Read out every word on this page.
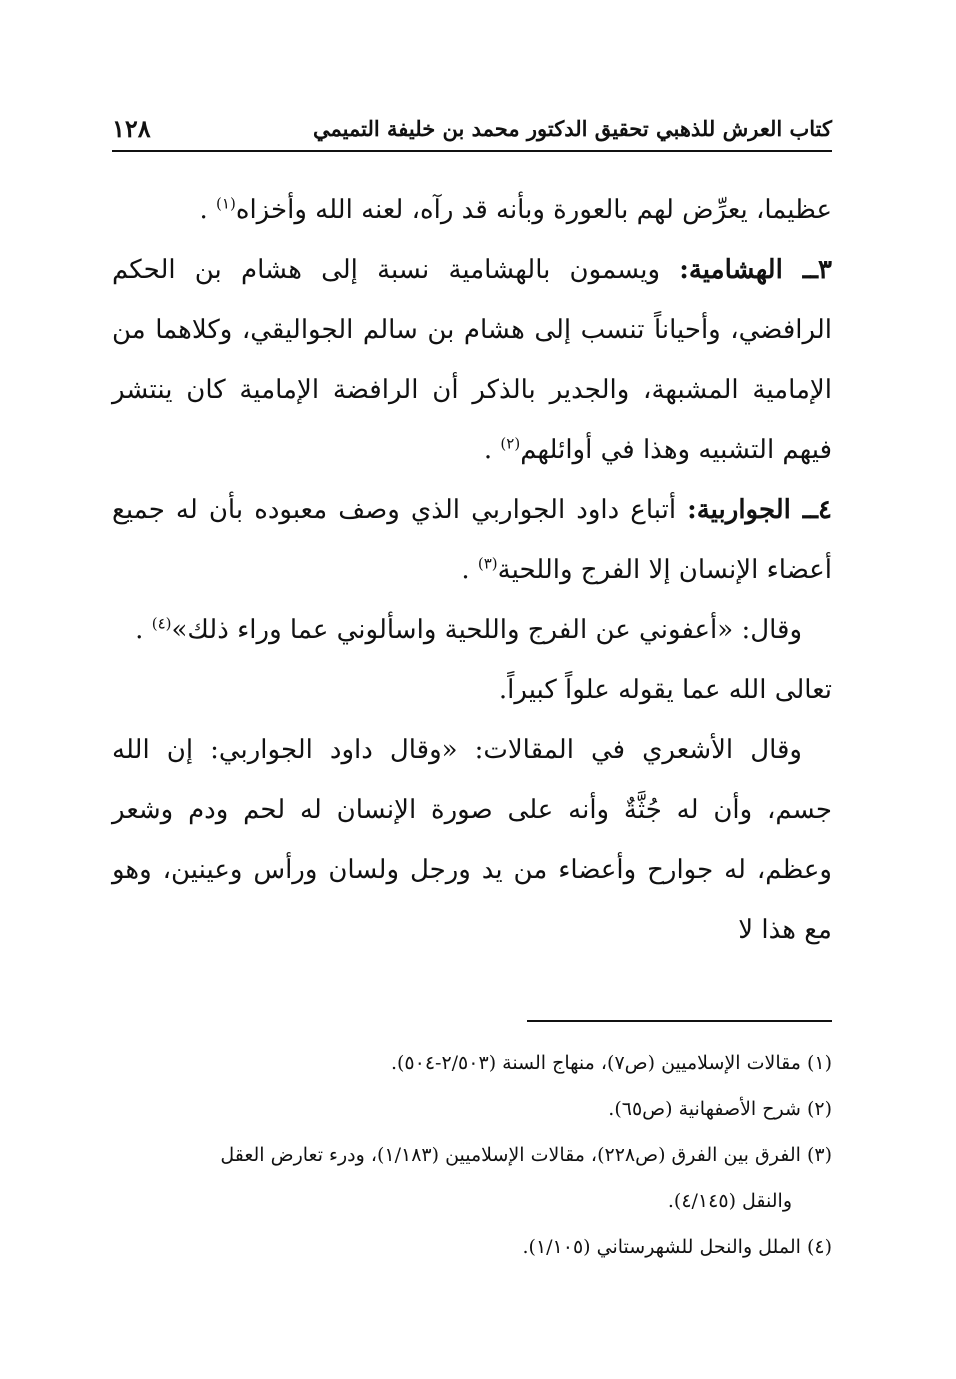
كتاب العرش للذهبي تحقيق الدكتور محمد بن خليفة التميمي
١٢٨

عظيما، يعرِّض لهم بالعورة وبأنه قد رآه، لعنه الله وأخزاه$^{(١)}$ .

٣ــ الهشامية: ويسمون بالهشامية نسبة إلى هشام بن الحكم الرافضي، وأحياناً تنسب إلى هشام بن سالم الجواليقي، وكلاهما من الإمامية المشبهة، والجدير بالذكر أن الرافضة الإمامية كان ينتشر فيهم التشبيه وهذا في أوائلهم$^{(٢)}$ .

٤ــ الجواربية: أتباع داود الجواربي الذي وصف معبوده بأن له جميع أعضاء الإنسان إلا الفرج واللحية$^{(٣)}$ .

وقال: «أعفوني عن الفرج واللحية واسألوني عما وراء ذلك»$^{(٤)}$ .

تعالى الله عما يقوله علواً كبيراً.

وقال الأشعري في المقالات: «وقال داود الجواربي: إن الله جسم، وأن له جُثَّةٌ وأنه على صورة الإنسان له لحم ودم وشعر وعظم، له جوارح وأعضاء من يد ورجل ولسان ورأس وعينين، وهو مع هذا لا

(١) مقالات الإسلاميين (ص٧)، منهاج السنة (٢/٥٠٣-٥٠٤).

(٢) شرح الأصفهانية (ص٦٥).

(٣) الفرق بين الفرق (ص٢٢٨)، مقالات الإسلاميين (١/١٨٣)، ودرء تعارض العقل
والنقل (٤/١٤٥).

(٤) الملل والنحل للشهرستاني (١/١٠٥).
